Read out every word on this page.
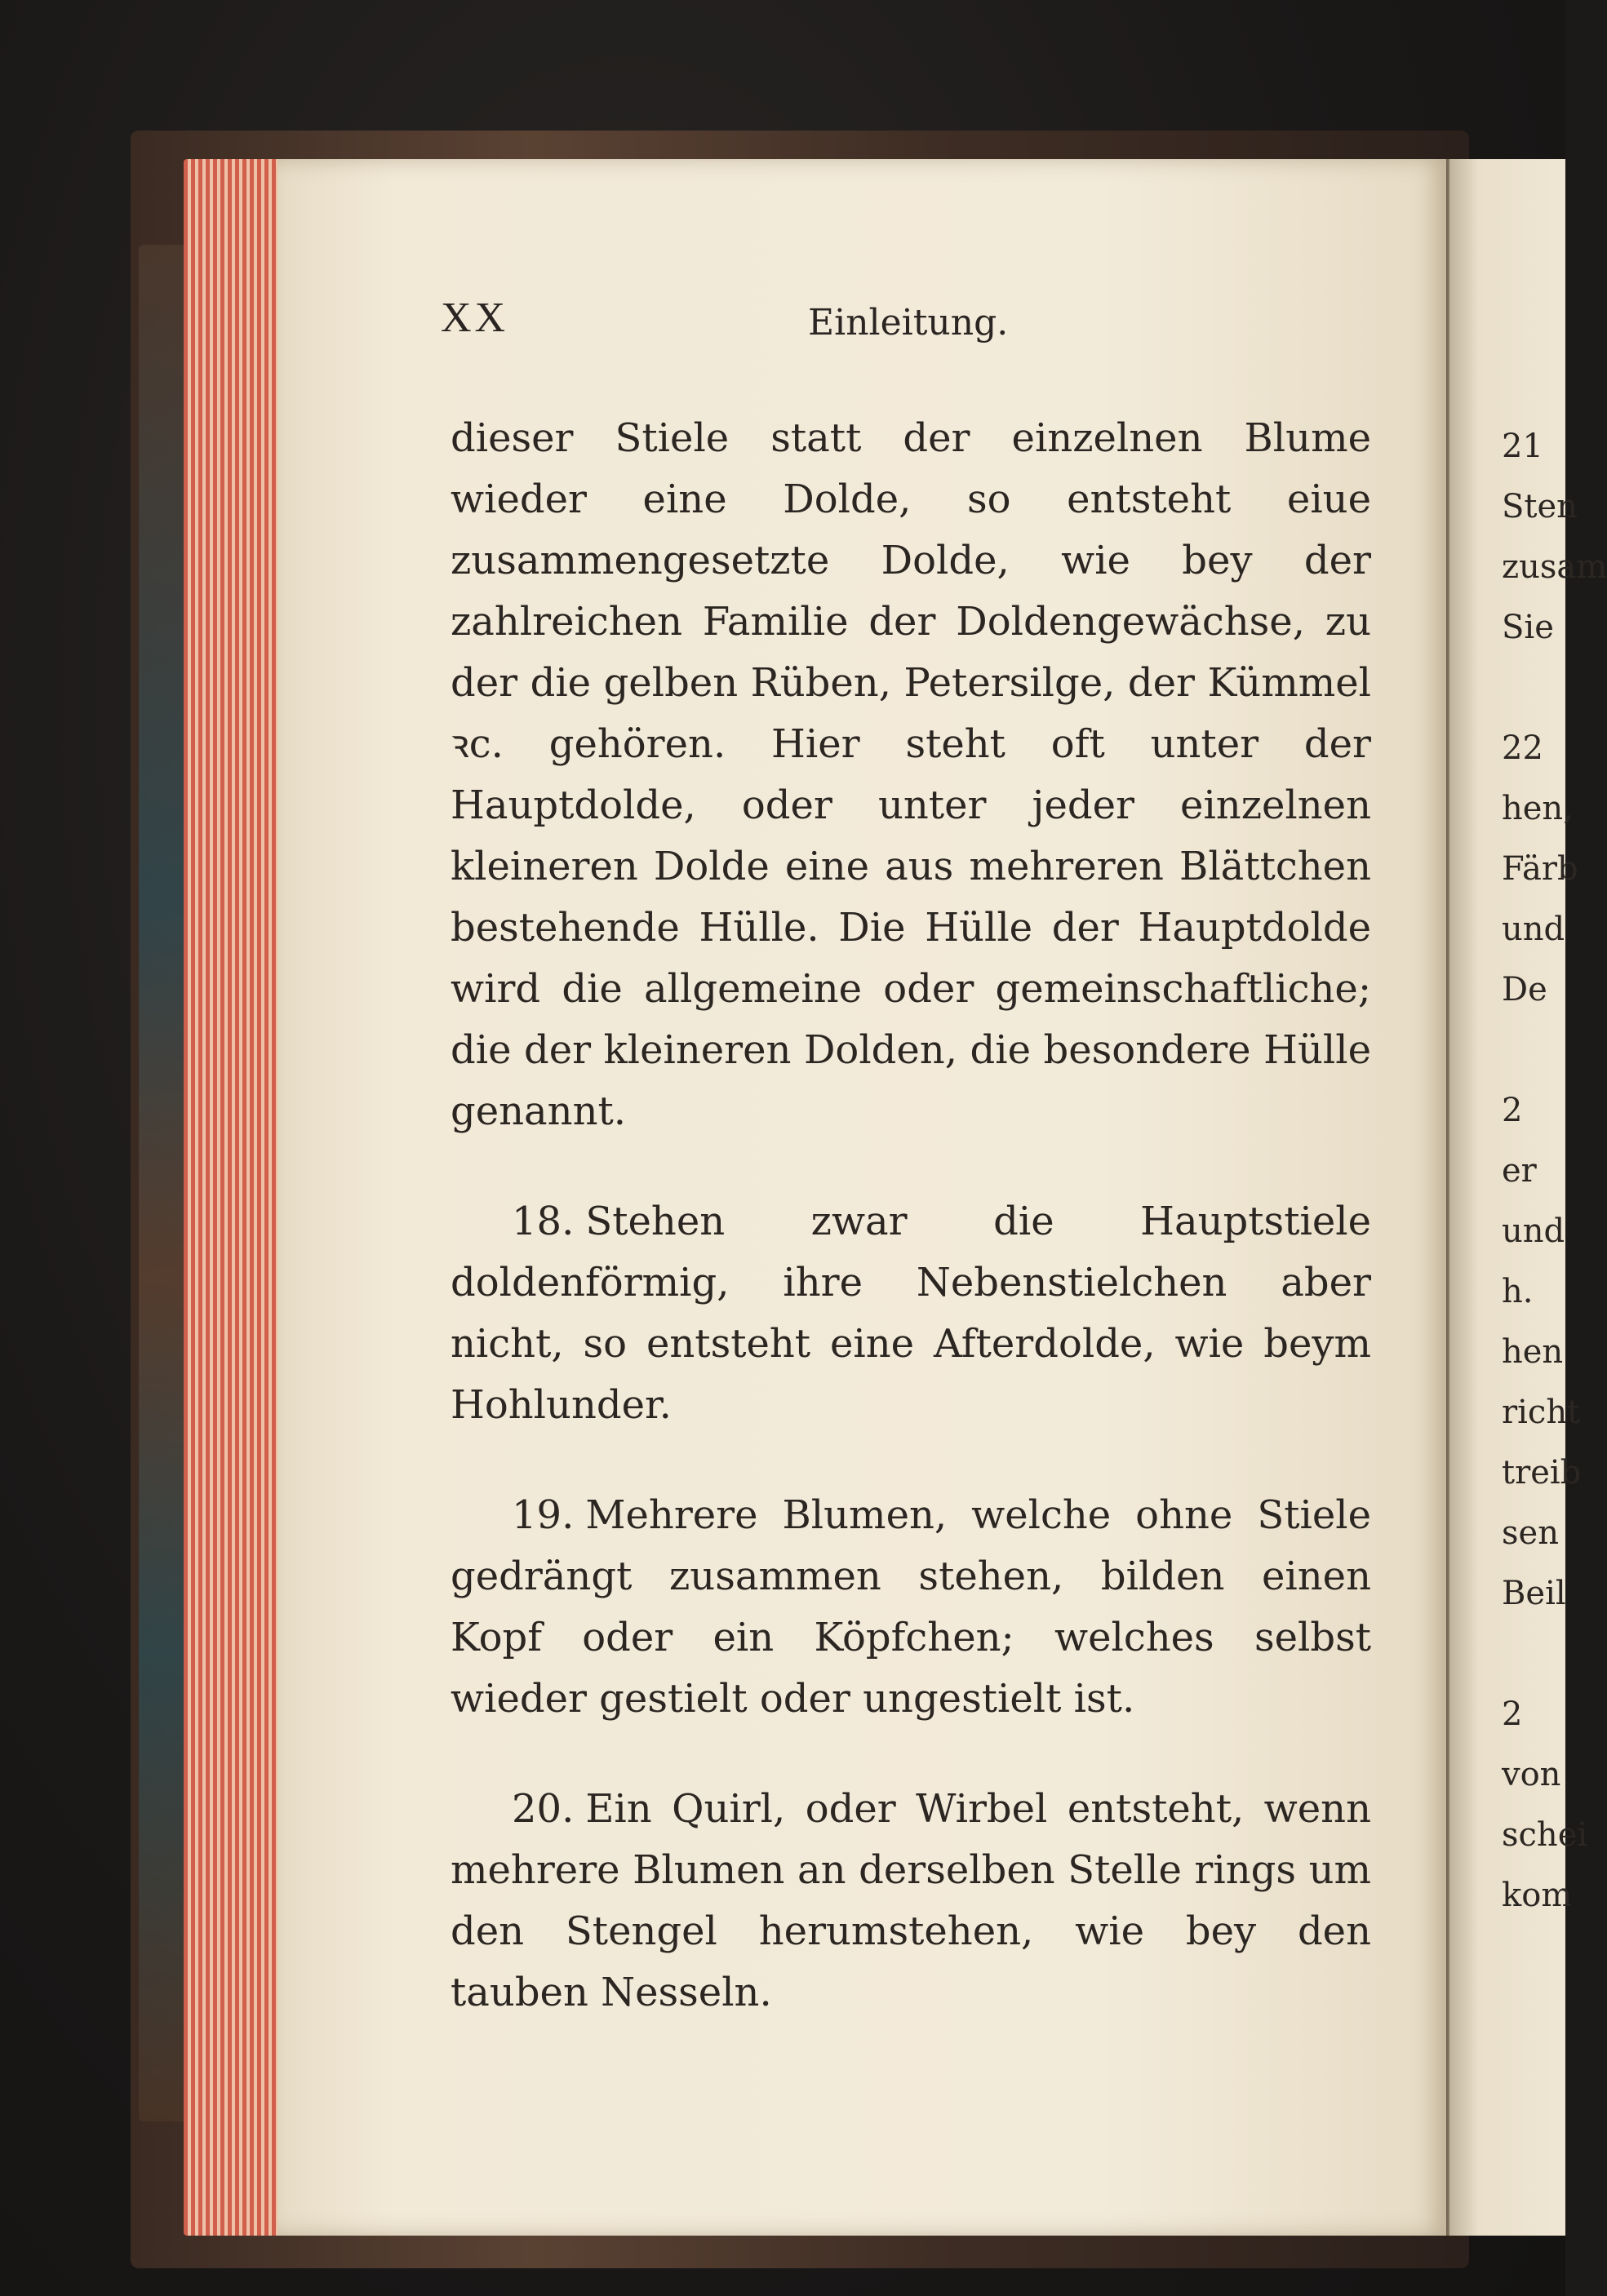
XX	Einleitung.

dieser Stiele statt der einzelnen Blume wieder eine Dolde, so entsteht eiue zusammengesetzte Dolde, wie bey der zahlreichen Familie der Doldengewächse, zu der die gelben Rüben, Petersilge, der Kümmel ꝛc. gehören. Hier steht oft unter der Hauptdolde, oder unter jeder einzelnen kleineren Dolde eine aus mehreren Blättchen bestehende Hülle. Die Hülle der Hauptdolde wird die allgemeine oder gemeinschaftliche; die der kleineren Dolden, die besondere Hülle genannt.

18. Stehen zwar die Hauptstiele doldenförmig, ihre Nebenstielchen aber nicht, so entsteht eine Afterdolde, wie beym Hohlunder.

19. Mehrere Blumen, welche ohne Stiele gedrängt zusammen stehen, bilden einen Kopf oder ein Köpfchen; welches selbst wieder gestielt oder ungestielt ist.

20. Ein Quirl, oder Wirbel entsteht, wenn mehrere Blumen an derselben Stelle rings um den Stengel herumstehen, wie bey den tauben Nesseln.

21
Sten
zusam
Sie
22
hen,
Färb
und
De
2
er
und
h.
hen
richt
treib
sen
Beil
2
von
schei
kom
